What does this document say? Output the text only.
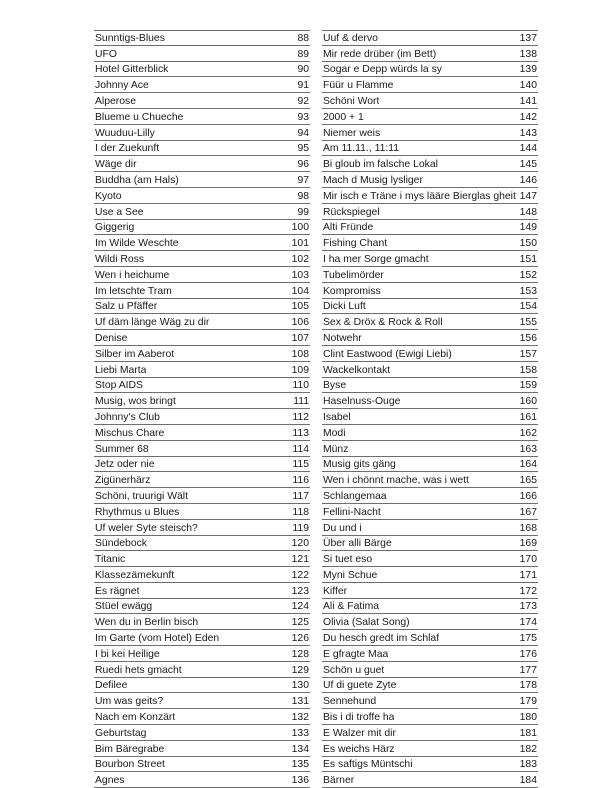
Sunntigs-Blues	88
UFO	89
Hotel Gitterblick	90
Johnny Ace	91
Alperose	92
Blueme u Chueche	93
Wuuduu-Lilly	94
I der Zuekunft	95
Wäge dir	96
Buddha (am Hals)	97
Kyoto	98
Use a See	99
Giggerig	100
Im Wilde Weschte	101
Wildi Ross	102
Wen i heichume	103
Im letschte Tram	104
Salz u Pfäffer	105
Uf däm länge Wäg zu dir	106
Denise	107
Silber im Aaberot	108
Liebi Marta	109
Stop AIDS	110
Musig, wos bringt	111
Johnny's Club	112
Mischus Chare	113
Summer 68	114
Jetz oder nie	115
Zigünerhärz	116
Schöni, truurigi Wält	117
Rhythmus u Blues	118
Uf weler Syte steisch?	119
Sündebock	120
Titanic	121
Klassezämekunft	122
Es rägnet	123
Stüel ewägg	124
Wen du in Berlin bisch	125
Im Garte (vom Hotel) Eden	126
I bi kei Heilige	128
Ruedi hets gmacht	129
Defilee	130
Um was geits?	131
Nach em Konzärt	132
Geburtstag	133
Bim Bäregrabe	134
Bourbon Street	135
Agnes	136
Uuf & dervo	137
Mir rede drüber (im Bett)	138
Sogar e Depp würds la sy	139
Füür u Flamme	140
Schöni Wort	141
2000 + 1	142
Niemer weis	143
Am 11.11., 11:11	144
Bi gloub im falsche Lokal	145
Mach d Musig lysliger	146
Mir isch e Träne i mys lääre Bierglas gheit 147
Rückspiegel	148
Alti Fründe	149
Fishing Chant	150
I ha mer Sorge gmacht	151
Tubelimörder	152
Kompromiss	153
Dicki Luft	154
Sex & Dröx & Rock & Roll	155
Notwehr	156
Clint Eastwood (Ewigi Liebi)	157
Wackelkontakt	158
Byse	159
Haselnuss-Ouge	160
Isabel	161
Modi	162
Münz	163
Musig gits gäng	164
Wen i chönnt mache, was i wett	165
Schlangemaa	166
Fellini-Nacht	167
Du und i	168
Über alli Bärge	169
Si tuet eso	170
Myni Schue	171
Kiffer	172
Ali & Fatima	173
Olivia (Salat Song)	174
Du hesch gredt im Schlaf	175
E gfragte Maa	176
Schön u guet	177
Uf di guete Zyte	178
Sennehund	179
Bis i di troffe ha	180
E Walzer mit dir	181
Es weichs Härz	182
Es saftigs Müntschi	183
Bärner	184
